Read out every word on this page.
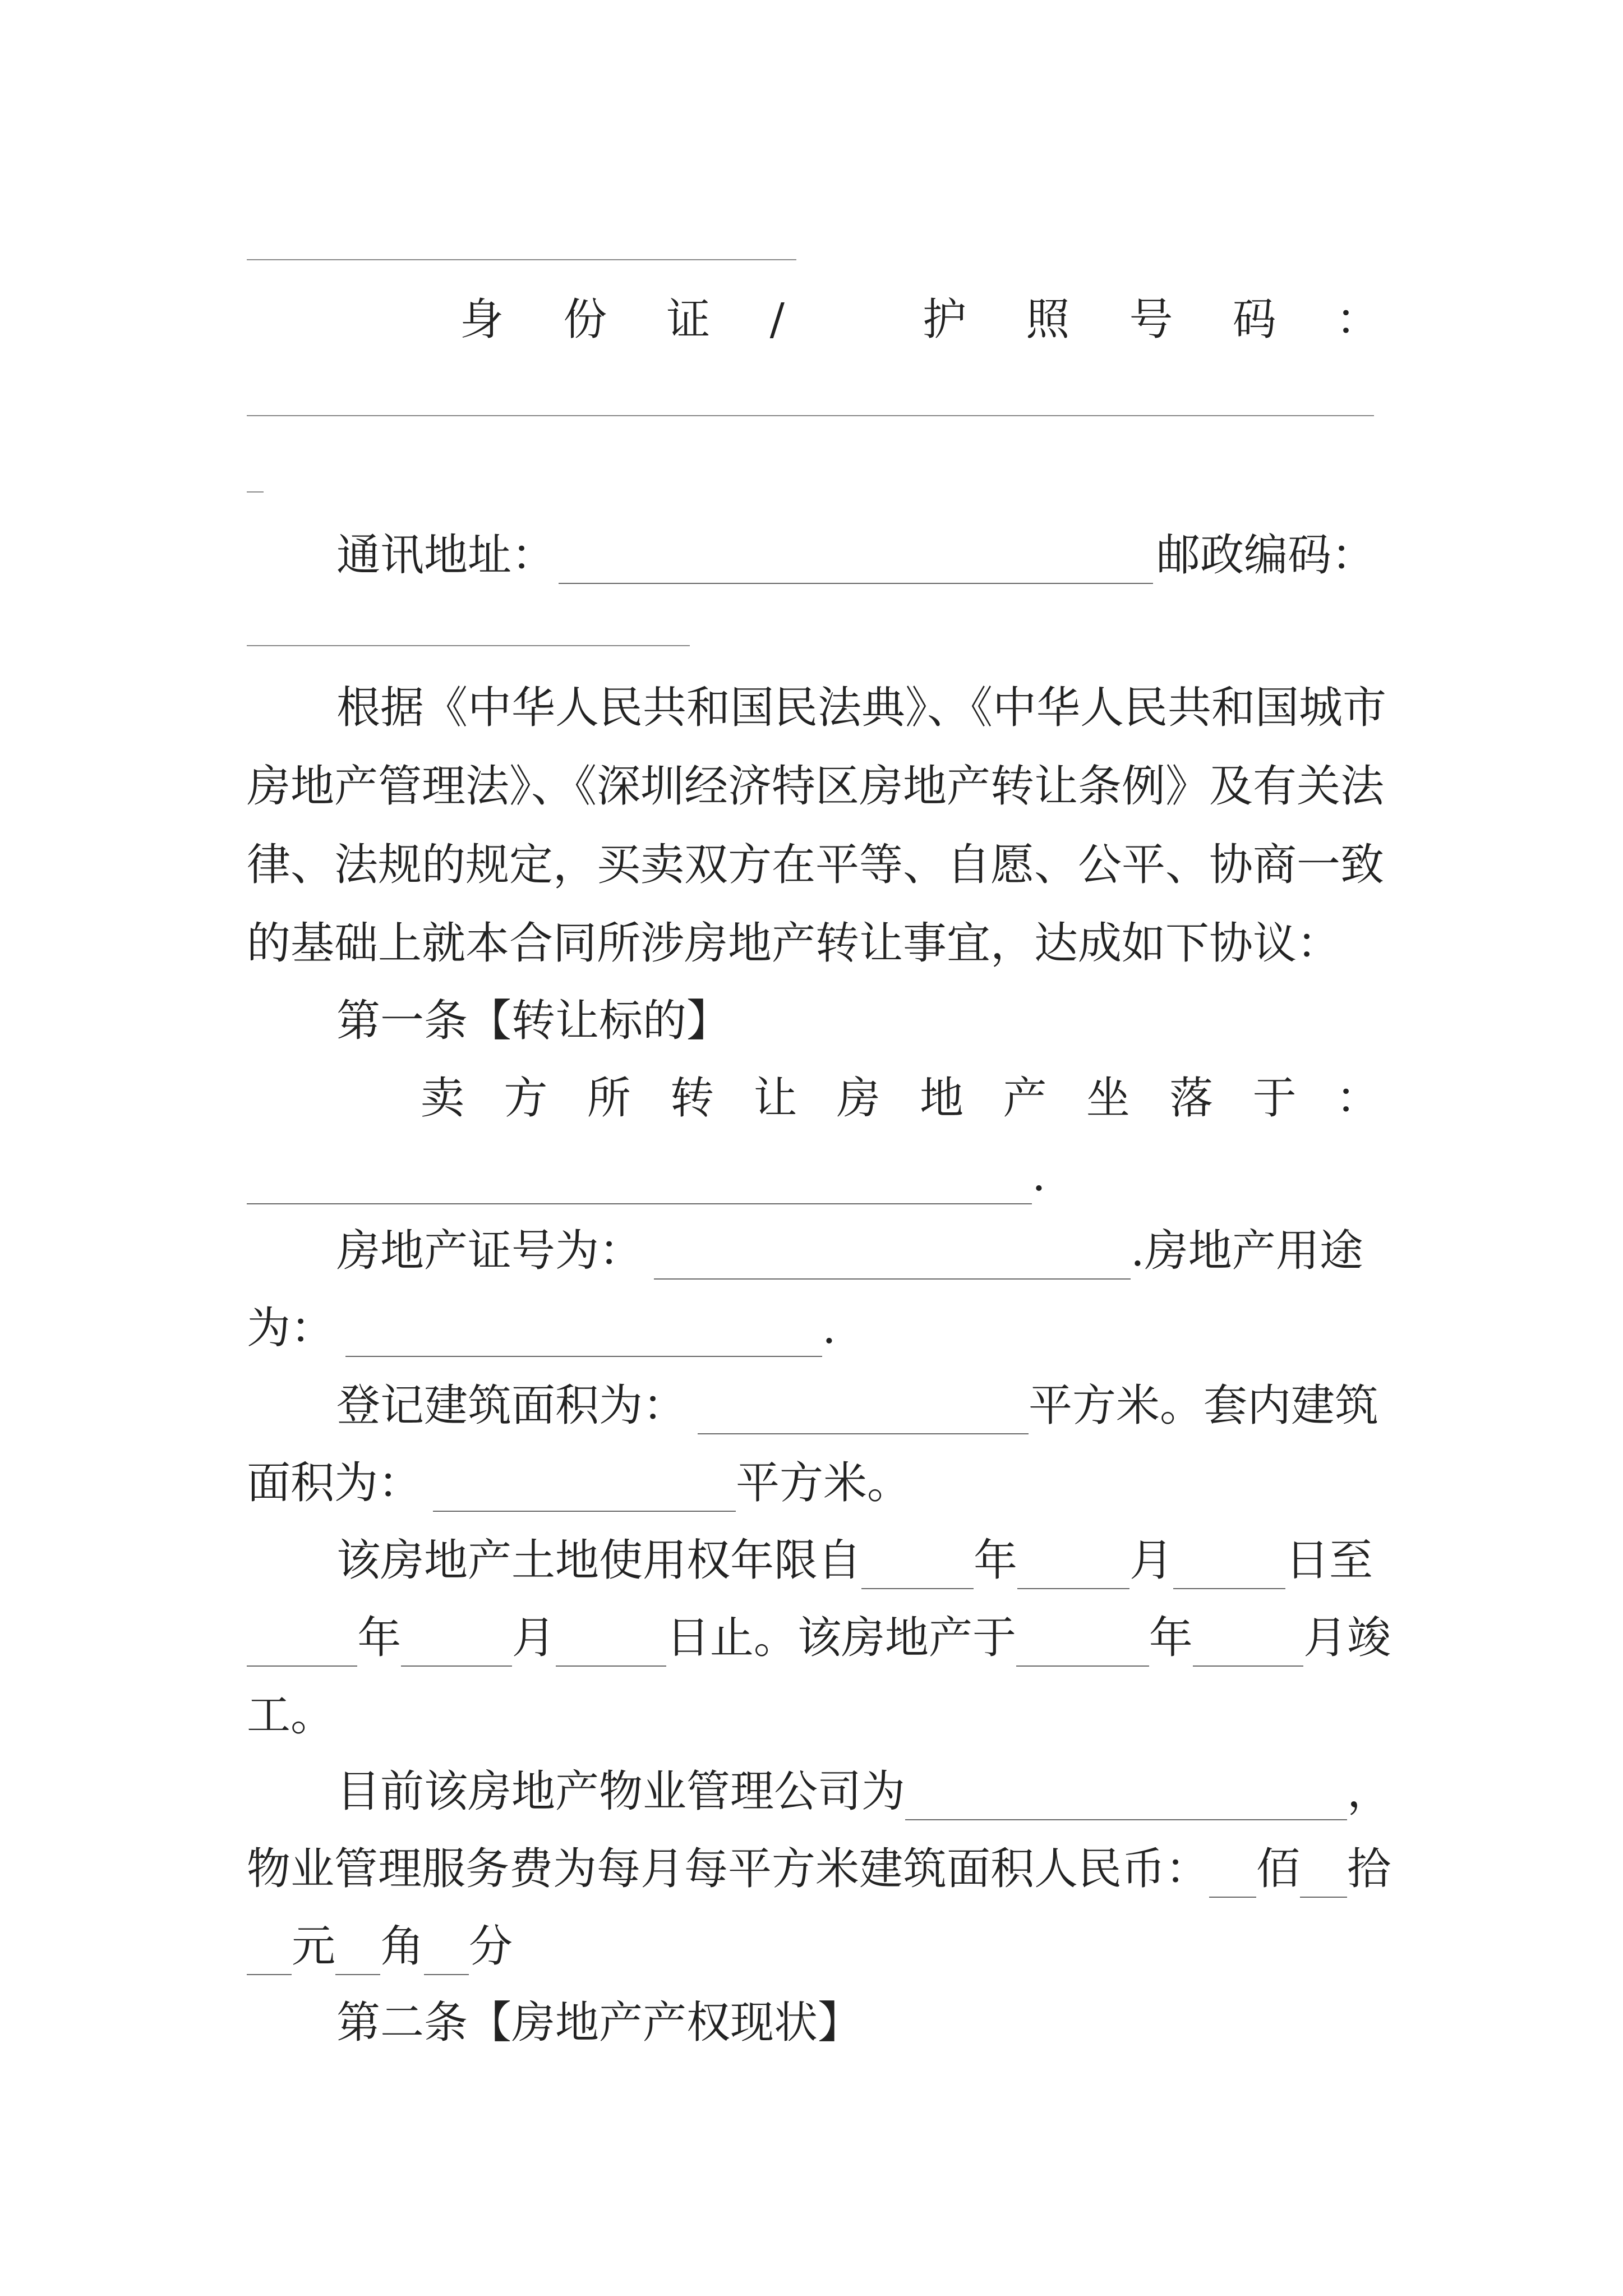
身 份 证 /	护 照 号 码 ：
通讯地址：	邮政编码：
根据《中华人民共和国民法典》、《中华人民共和国城市
房地产管理法》、《深圳经济特区房地产转让条例》及有关法
律、法规的规定，买卖双方在平等、自愿、公平、协商一致
的基础上就本合同所涉房地产转让事宜，达成如下协议：
第一条【转让标的】
卖 方 所 转 让 房 地 产 坐 落 于 ：
.
房地产证号为：	.房地产用途
为：	.
登记建筑面积为：	平方米。 套内建筑
面积为：	平方米。
该房地产土地使用权年限自	年	月	日至
年	月	日止。 该房地产于	年	月竣
工。
目前该房地产物业管理公司为	，
物业管理服务费为每月每平方米建筑面积人民币： 佰 拾
元 角 分
第二条【房地产产权现状】
